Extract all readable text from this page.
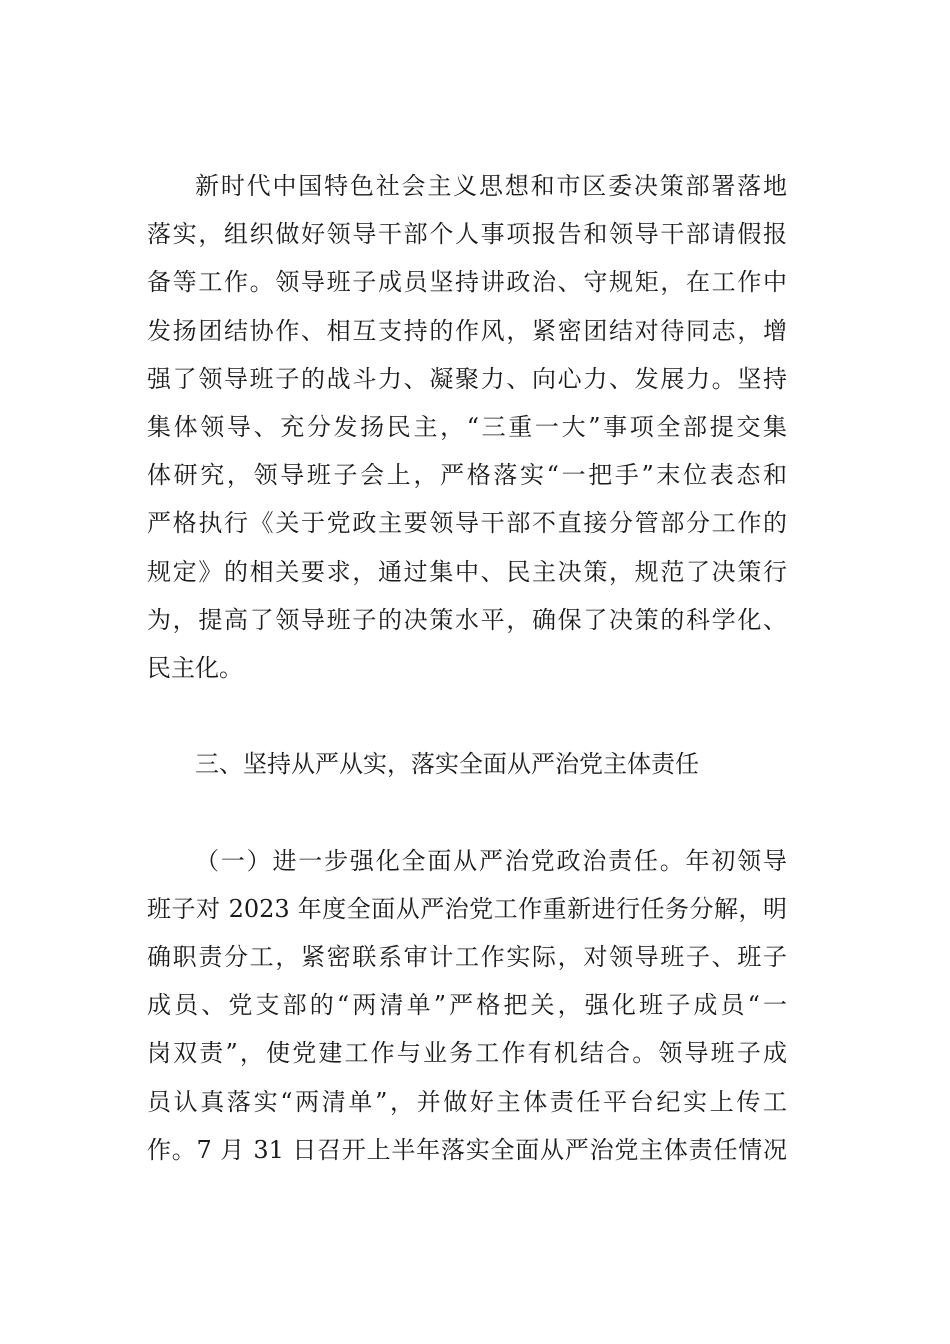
新时代中国特色社会主义思想和市区委决策部署落地
落实，组织做好领导干部个人事项报告和领导干部请假报
备等工作。领导班子成员坚持讲政治、守规矩，在工作中
发扬团结协作、相互支持的作风，紧密团结对待同志，增
强了领导班子的战斗力、凝聚力、向心力、发展力。坚持
集体领导、充分发扬民主，“三重一大”事项全部提交集
体研究，领导班子会上，严格落实“一把手”末位表态和
严格执行《关于党政主要领导干部不直接分管部分工作的
规定》的相关要求，通过集中、民主决策，规范了决策行
为，提高了领导班子的决策水平，确保了决策的科学化、
民主化。
三、坚持从严从实，落实全面从严治党主体责任
（一）进一步强化全面从严治党政治责任。年初领导
班子对 2023 年度全面从严治党工作重新进行任务分解，明
确职责分工，紧密联系审计工作实际，对领导班子、班子
成员、党支部的“两清单”严格把关，强化班子成员“一
岗双责”，使党建工作与业务工作有机结合。领导班子成
员认真落实“两清单”，并做好主体责任平台纪实上传工
作。7 月 31 日召开上半年落实全面从严治党主体责任情况
